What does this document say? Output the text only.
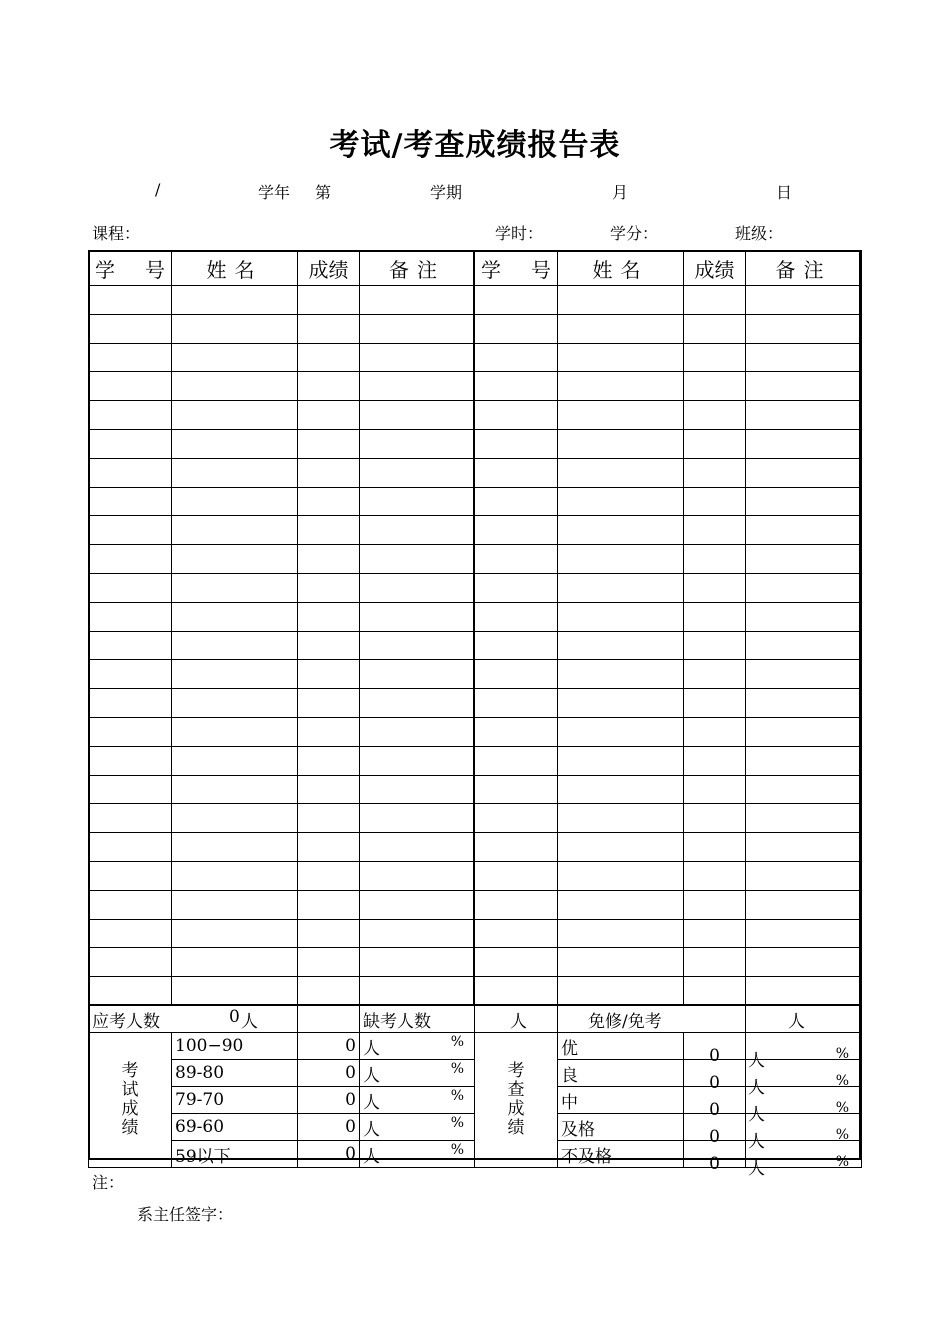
考试/考查成绩报告表
/	学年 第	学期	月	日
课程：	学时：	学分：	班级：
学号	姓名	成绩	备注	学号	姓名	成绩	备注

应考人数 0		人	缺考人数	人	免修/免考		人
考试成绩	100−90	0	人 %	考查成绩	优	0 人	%

	89-80	0	人 %		良	0 人	%

	79-70	0	人 %		中	0 人	%

	69-60	0	人 %		及格	0 人	%

	59以下	0	人 %		不及格	0 人	%
注：
系主任签字：
